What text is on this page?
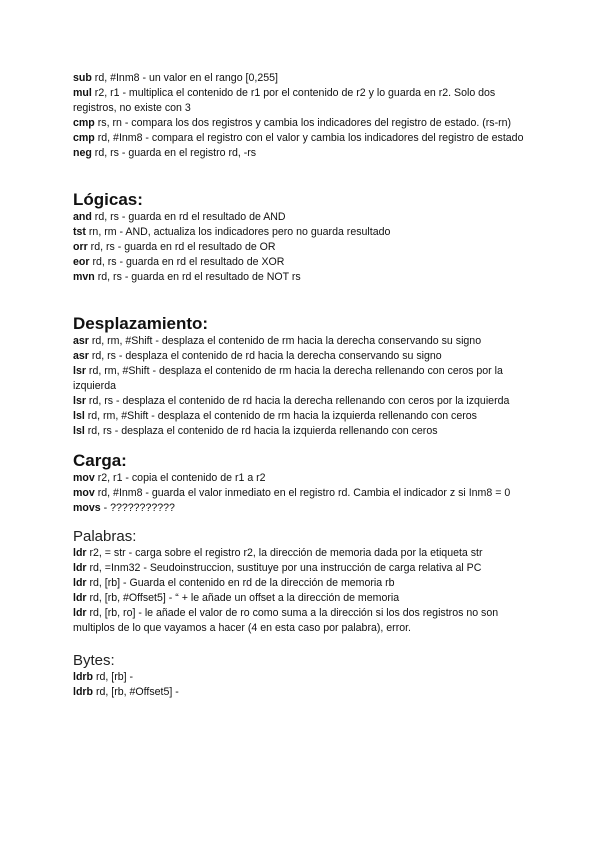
sub rd, #Inm8 - un valor en el rango [0,255]

mul r2, r1 - multiplica el contenido de r1 por el contenido de r2 y lo guarda en r2. Solo dos registros, no existe con 3

cmp rs, rn - compara los dos registros y cambia los indicadores del registro de estado. (rs-rn)

cmp rd, #Inm8 - compara el registro con el valor y cambia los indicadores del registro de estado

neg rd, rs - guarda en el registro rd, -rs

Lógicas:

and rd, rs - guarda en rd el resultado de AND

tst rn, rm - AND, actualiza los indicadores pero no guarda resultado

orr rd, rs - guarda en rd el resultado de OR

eor rd, rs - guarda en rd el resultado de XOR

mvn rd, rs - guarda en rd el resultado de NOT rs

Desplazamiento:

asr rd, rm, #Shift - desplaza el contenido de rm hacia la derecha conservando su signo

asr rd, rs - desplaza el contenido de rd hacia la derecha conservando su signo

lsr rd, rm, #Shift - desplaza el contenido de rm hacia la derecha rellenando con ceros por la izquierda

lsr rd, rs - desplaza el contenido de rd hacia la derecha rellenando con ceros por la izquierda

lsl rd, rm, #Shift - desplaza el contenido de rm hacia la izquierda rellenando con ceros

lsl rd, rs - desplaza el contenido de rd hacia la izquierda rellenando con ceros

Carga:

mov r2, r1 - copia el contenido de r1 a r2

mov rd, #Inm8 - guarda el valor inmediato en el registro rd. Cambia el indicador z si Inm8 = 0

movs - ???????????

Palabras:

ldr r2, = str - carga sobre el registro r2, la dirección de memoria dada por la etiqueta str

ldr rd, =Inm32 - Seudoinstruccion, sustituye por una instrucción de carga relativa al PC

ldr rd, [rb] - Guarda el contenido en rd de la dirección de memoria rb

ldr rd, [rb, #Offset5] - “ + le añade un offset a la dirección de memoria

ldr rd, [rb, ro] - le añade el valor de ro como suma a la dirección si los dos registros no son multiplos de lo que vayamos a hacer (4 en esta caso por palabra), error.

Bytes:

ldrb rd, [rb] -

ldrb rd, [rb, #Offset5] -
